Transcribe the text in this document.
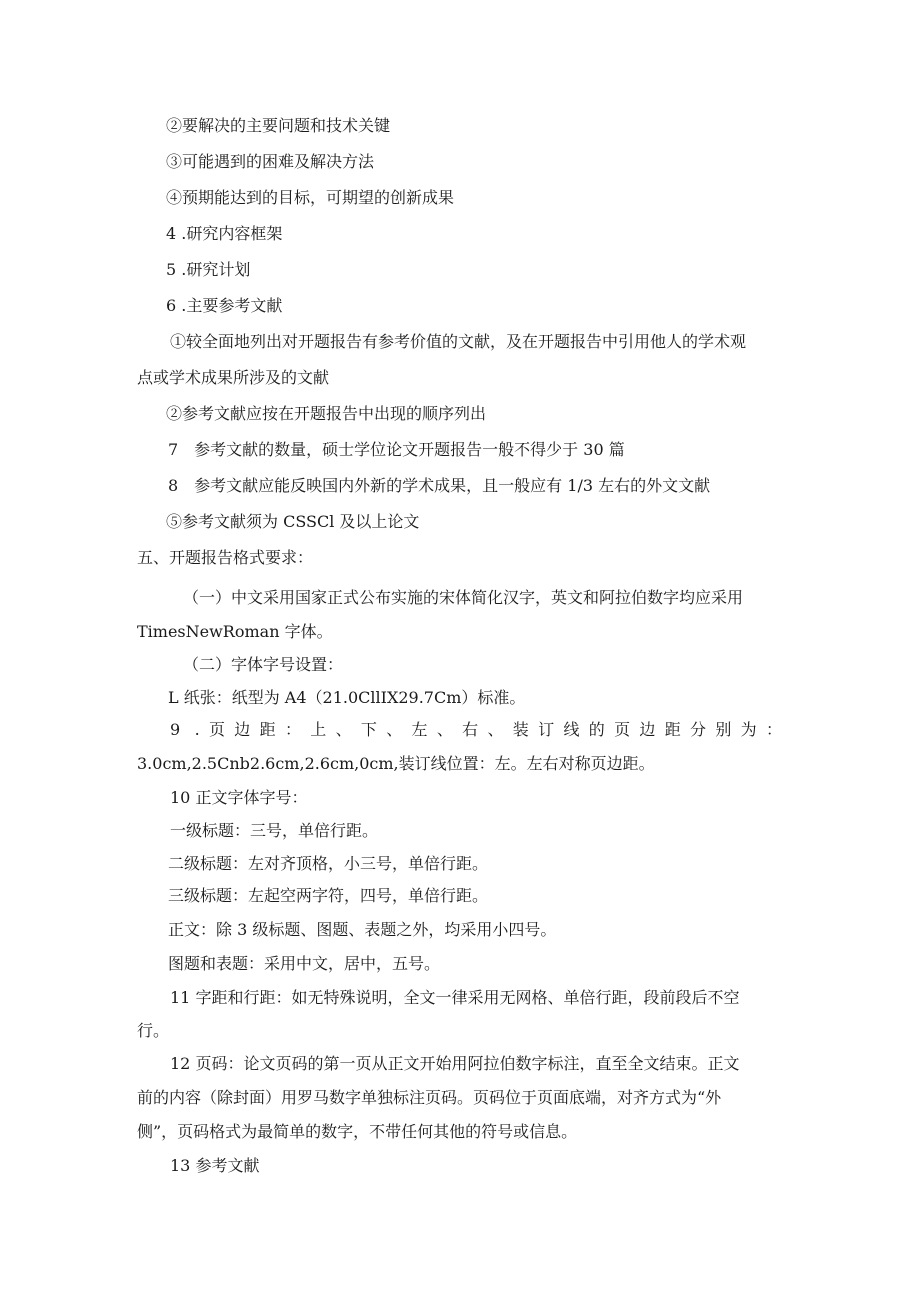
②要解决的主要问题和技术关键
③可能遇到的困难及解决方法
④预期能达到的目标，可期望的创新成果
4 .研究内容框架
5 .研究计划
6 .主要参考文献
①较全面地列出对开题报告有参考价值的文献，及在开题报告中引用他人的学术观
点或学术成果所涉及的文献
②参考文献应按在开题报告中出现的顺序列出
7　参考文献的数量，硕士学位论文开题报告一般不得少于 30 篇
8　参考文献应能反映国内外新的学术成果，且一般应有 1/3 左右的外文文献
⑤参考文献须为 CSSCl 及以上论文
五、开题报告格式要求：
（一）中文采用国家正式公布实施的宋体简化汉字，英文和阿拉伯数字均应采用
TimesNewRoman 字体。
（二）字体字号设置：
L 纸张：纸型为 A4（21.0CllIX29.7Cm）标准。
9 .页边距：上、下、左、右、装订线的页边距分别为：
3.0cm,2.5Cnb2.6cm,2.6cm,0cm,装订线位置：左。左右对称页边距。
10 正文字体字号：
一级标题：三号，单倍行距。
二级标题：左对齐顶格，小三号，单倍行距。
三级标题：左起空两字符，四号，单倍行距。
正文：除 3 级标题、图题、表题之外，均采用小四号。
图题和表题：采用中文，居中，五号。
11 字距和行距：如无特殊说明，全文一律采用无网格、单倍行距，段前段后不空
行。
12 页码：论文页码的第一页从正文开始用阿拉伯数字标注，直至全文结束。正文
前的内容（除封面）用罗马数字单独标注页码。页码位于页面底端，对齐方式为“外
侧”，页码格式为最简单的数字，不带任何其他的符号或信息。
13 参考文献
